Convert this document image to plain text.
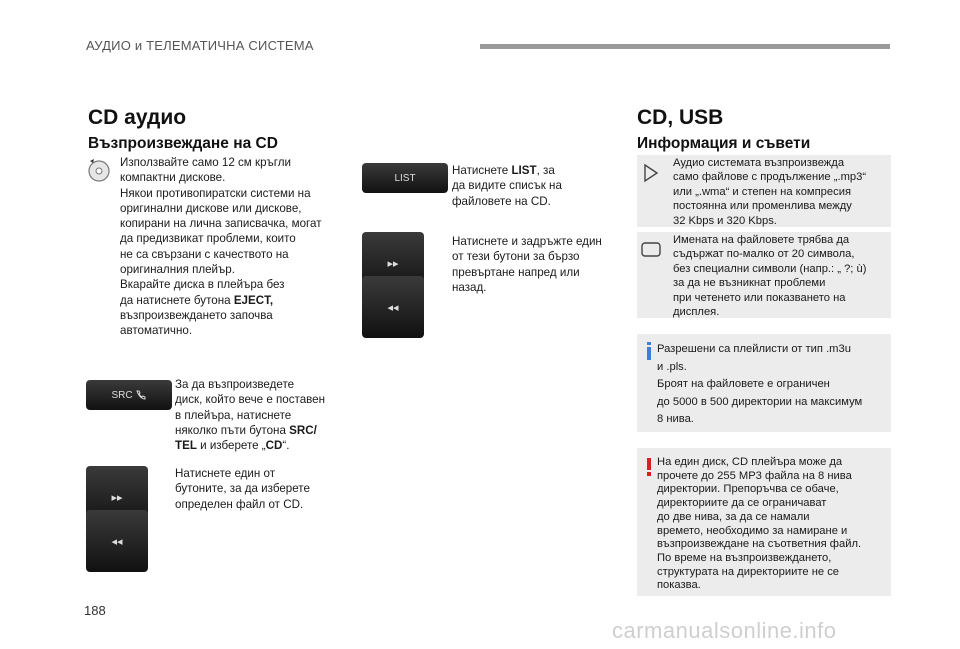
АУДИО и ТЕЛЕМАТИЧНА СИСТЕМА
CD аудио
Възпроизвеждане на CD
Използвайте само 12 см кръгли
компактни дискове.
Някои противопиратски системи на
оригинални дискове или дискове,
копирани на лична записвачка, могат
да предизвикат проблеми, които
не са свързани с качеството на
оригиналния плейър.
Вкарайте диска в плейъра без
да натиснете бутона EJECT,
възпроизвеждането започва
автоматично.
SRC
За да възпроизведете
диск, който вече е поставен
в плейъра, натиснете
няколко пъти бутона SRC/
TEL и изберете „CD“.
▸▸
◂◂
Натиснете един от
бутоните, за да изберете
определен файл от CD.
LIST
Натиснете LIST, за
да видите списък на
файловете на CD.
▸▸
◂◂
Натиснете и задръжте един
от тези бутони за бързо
превъртане напред или
назад.
CD, USB
Информация и съвети
Аудио системата възпроизвежда
само файлове с продължение „.mp3“
или „.wma“ и степен на компресия
постоянна или променлива между
32 Kbps и 320 Kbps.
Имената на файловете трябва да
съдържат по-малко от 20 символа,
без специални символи (напр.: „ ?; ù)
за да не възникнат проблеми
при четенето или показването на
дисплея.
Разрешени са плейлисти от тип .m3u
и .pls.
Броят на файловете е ограничен
до 5000 в 500 директории на максимум
8 нива.
На един диск, CD плейъра може да
прочете до 255 MP3 файла на 8 нива
директории. Препоръчва се обаче,
директориите да се ограничават
до две нива, за да се намали
времето, необходимо за намиране и
възпроизвеждане на съответния файл.
По време на възпроизвеждането,
структурата на директориите не се
показва.
188
carmanualsonline.info
